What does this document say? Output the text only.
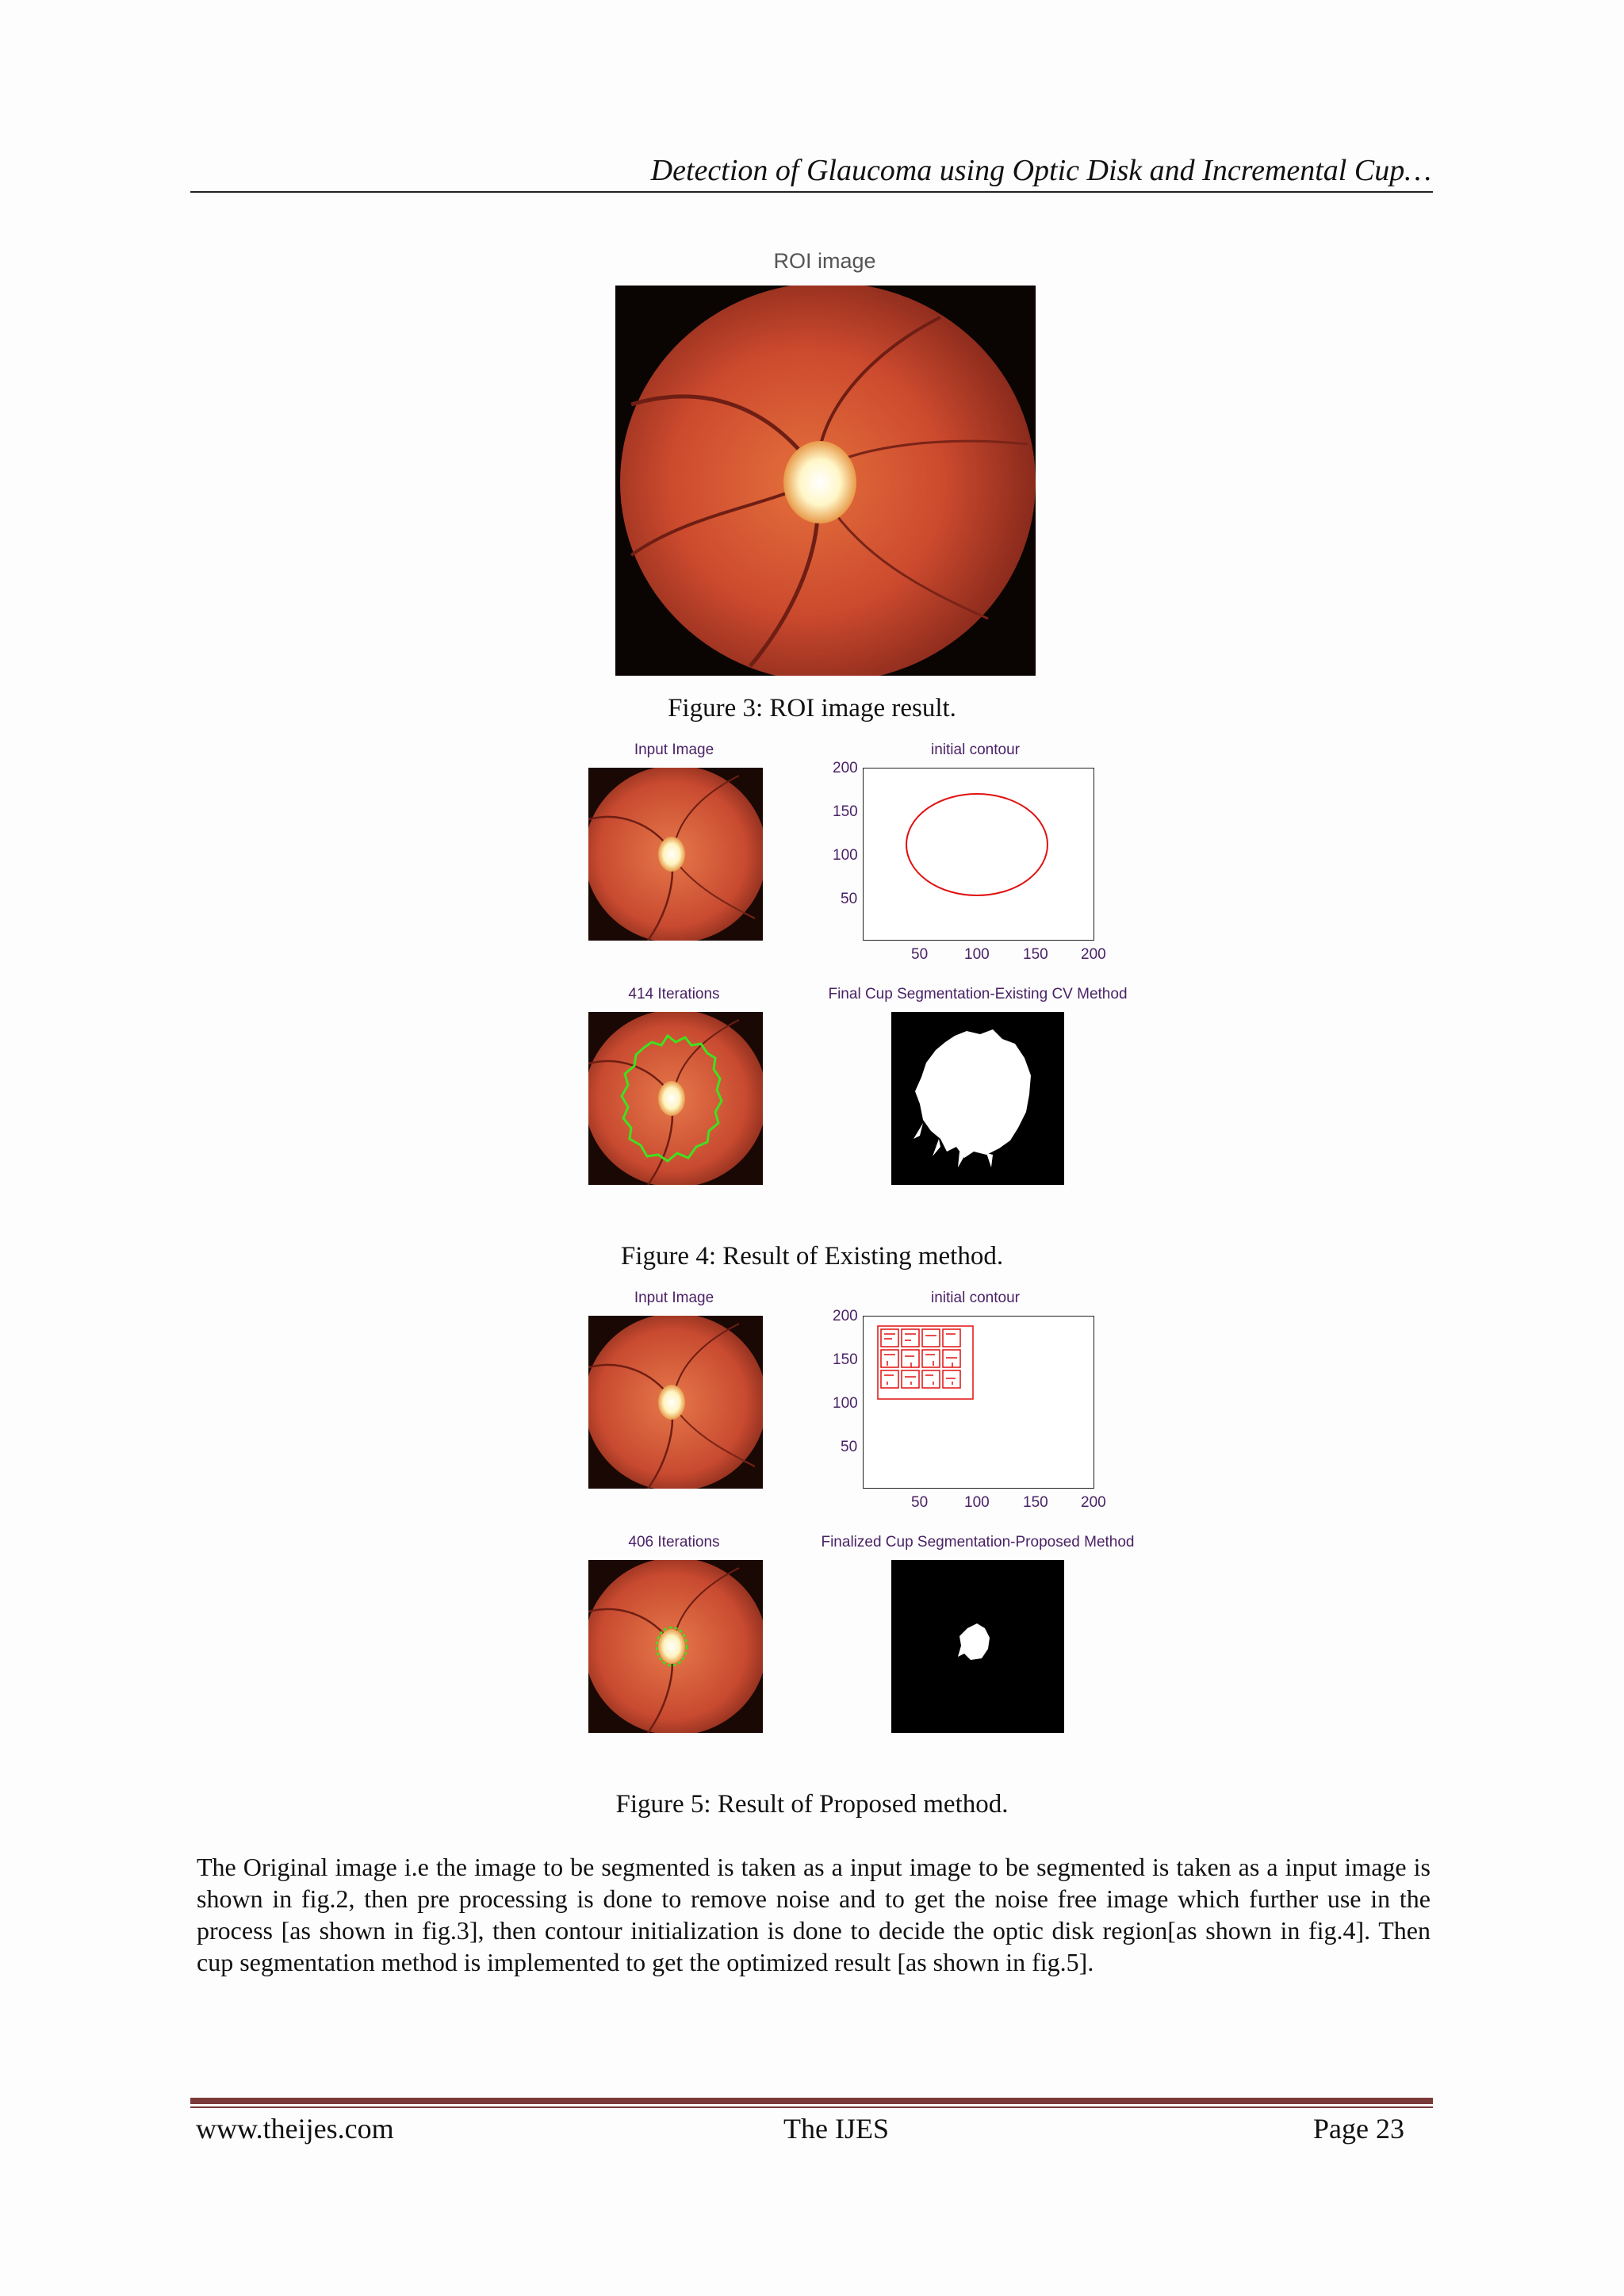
Detection of Glaucoma using Optic Disk and Incremental Cup…
ROI image
Figure 3: ROI image result.
Input Image	initial contour
200
150
100
50
50 100 150 200
414 Iterations	Final Cup Segmentation-Existing CV Method
Figure 4: Result of Existing method.
Input Image	initial contour
200
150
100
50
50 100 150 200
406 Iterations	Finalized Cup Segmentation-Proposed Method
Figure 5: Result of Proposed method.
The Original image i.e the image to be segmented is taken as a input image to be segmented is taken as a input image is shown in fig.2, then pre processing is done to remove noise and to get the noise free image which further use in the process [as shown in fig.3], then contour initialization is done to decide the optic disk region[as shown in fig.4]. Then cup segmentation method is implemented to get the optimized result [as shown in fig.5].
www.theijes.com	The IJES	Page 23
